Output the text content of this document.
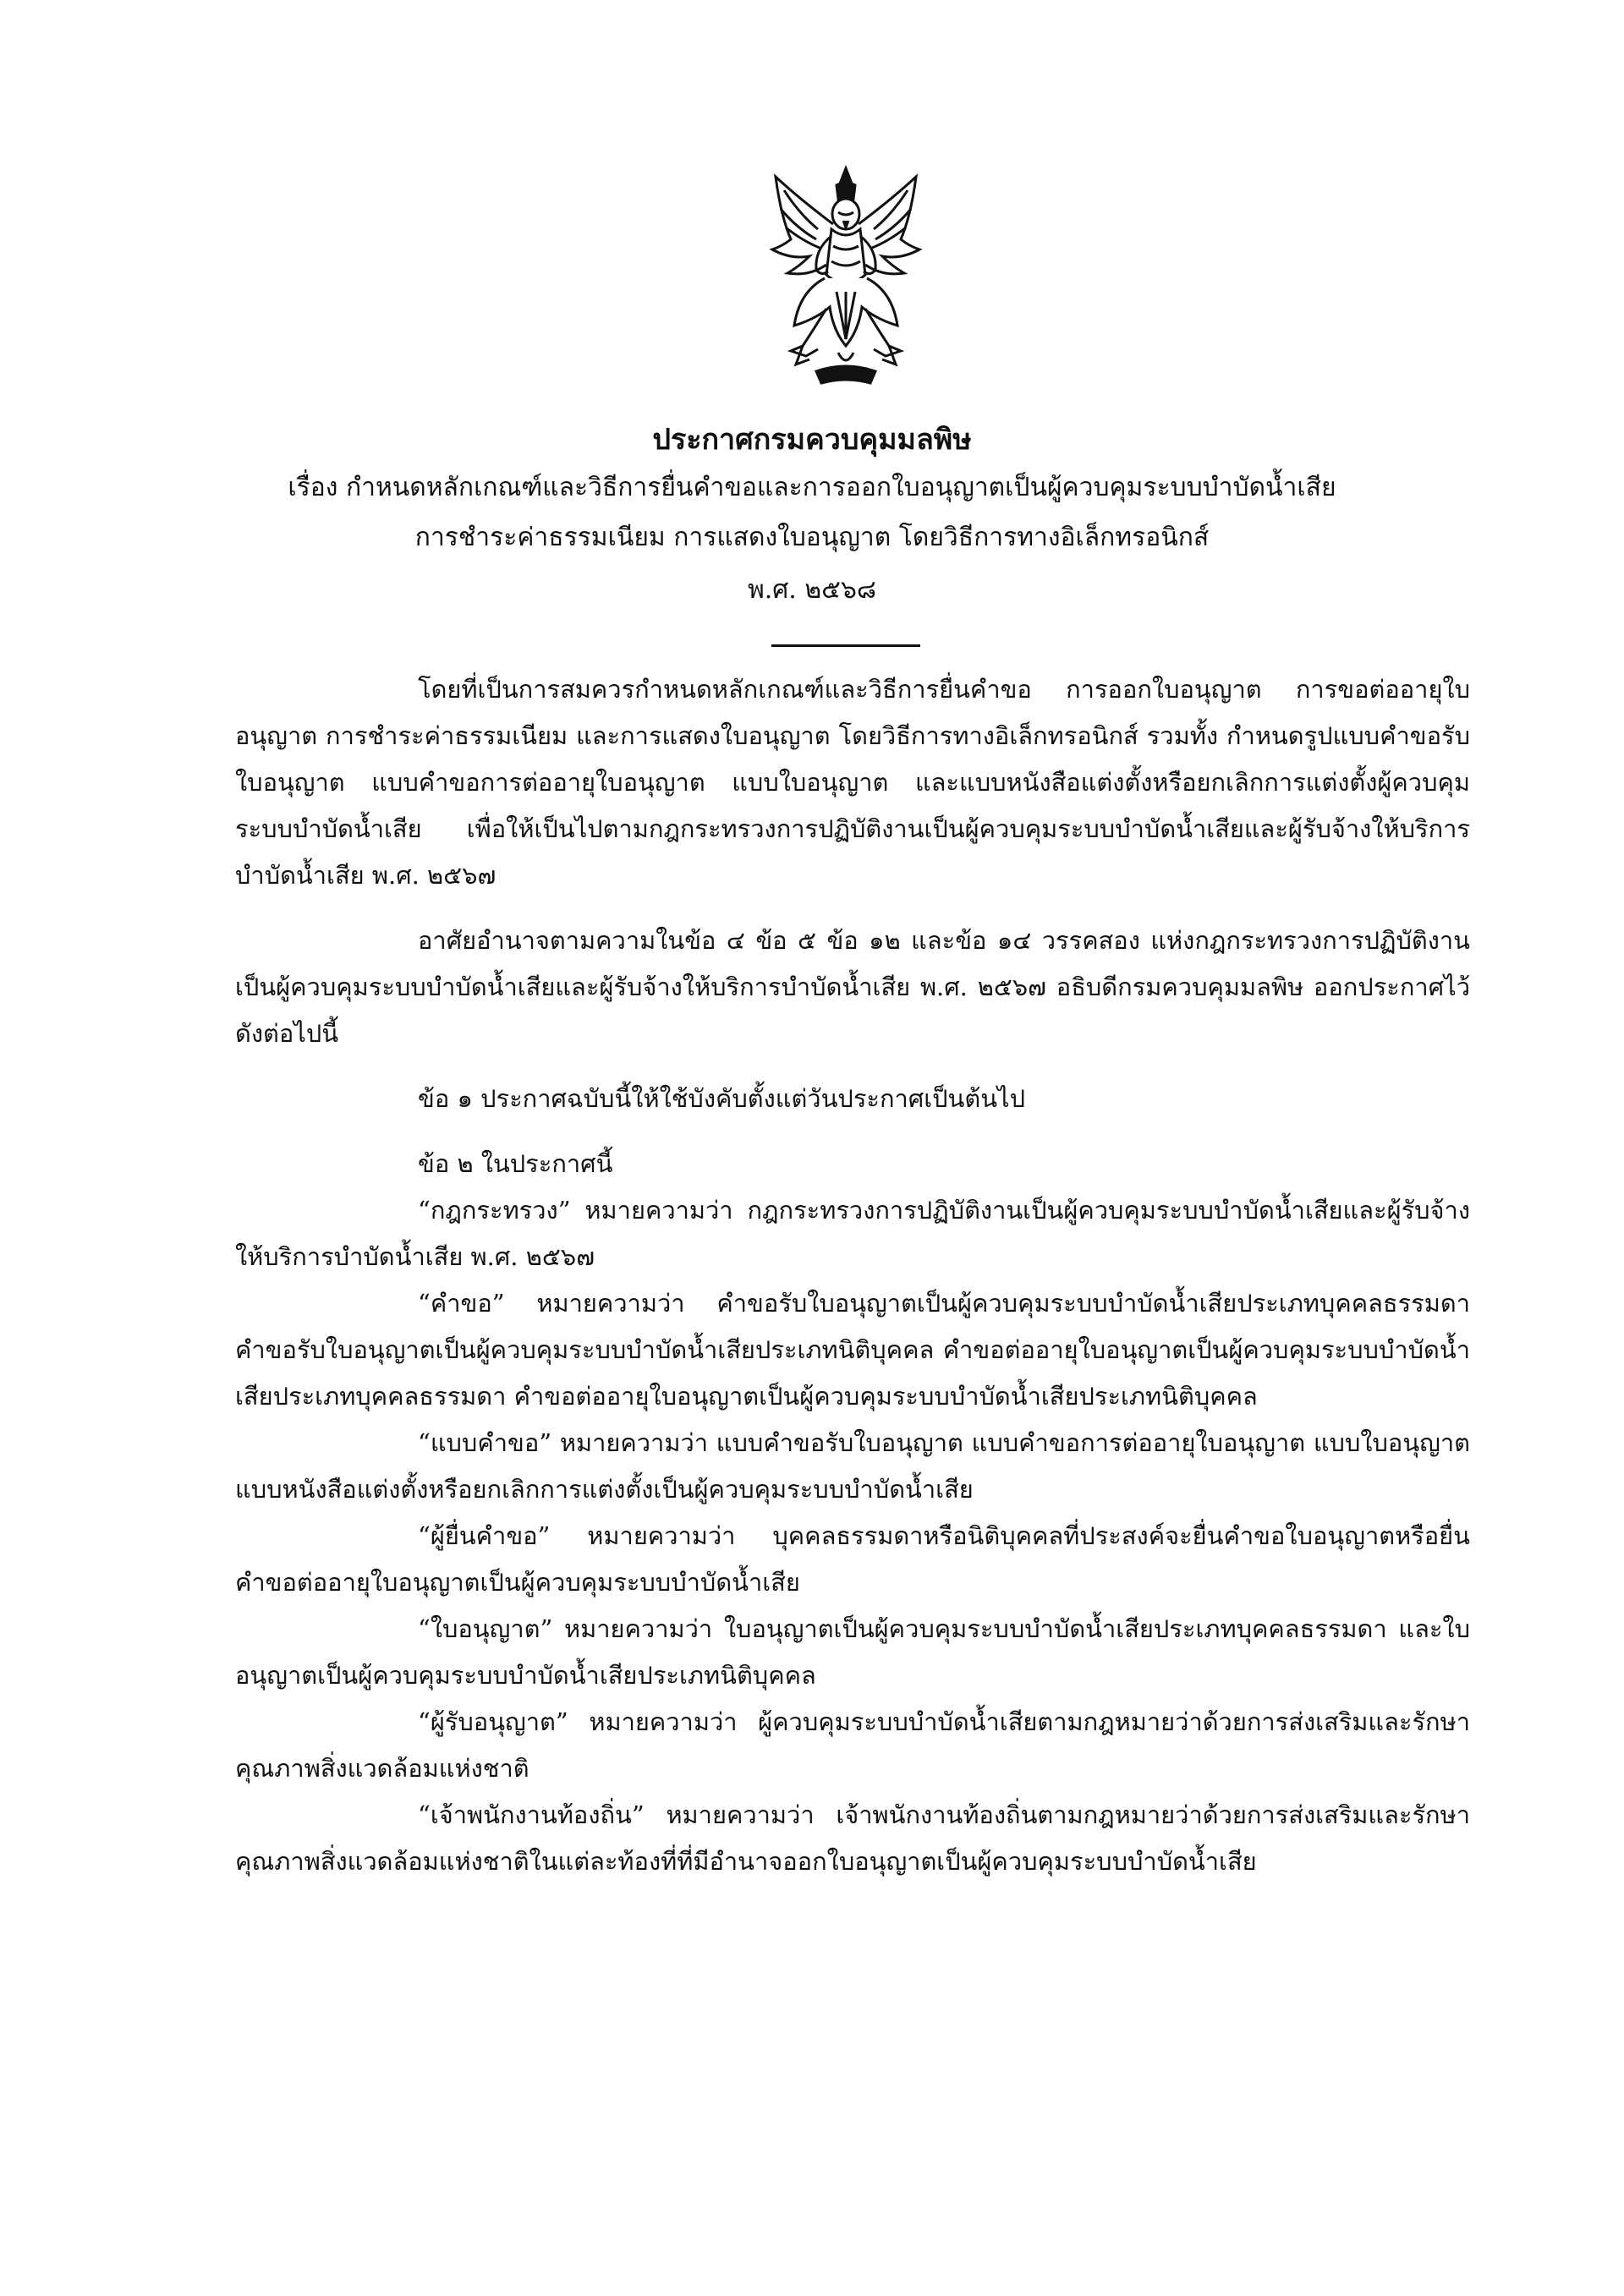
ประกาศกรมควบคุมมลพิษ
เรื่อง กำหนดหลักเกณฑ์และวิธีการยื่นคำขอและการออกใบอนุญาตเป็นผู้ควบคุมระบบบำบัดน้ำเสีย
การชำระค่าธรรมเนียม การแสดงใบอนุญาต โดยวิธีการทางอิเล็กทรอนิกส์
พ.ศ. ๒๕๖๘

โดยที่เป็นการสมควรกำหนดหลักเกณฑ์และวิธีการยื่นคำขอ การออกใบอนุญาต การขอต่ออายุใบอนุญาต การชำระค่าธรรมเนียม และการแสดงใบอนุญาต โดยวิธีการทางอิเล็กทรอนิกส์ รวมทั้ง กำหนดรูปแบบคำขอรับใบอนุญาต แบบคำขอการต่ออายุใบอนุญาต แบบใบอนุญาต และแบบหนังสือแต่งตั้งหรือยกเลิกการแต่งตั้งผู้ควบคุมระบบบำบัดน้ำเสีย เพื่อให้เป็นไปตามกฎกระทรวงการปฏิบัติงานเป็นผู้ควบคุมระบบบำบัดน้ำเสียและผู้รับจ้างให้บริการบำบัดน้ำเสีย พ.ศ. ๒๕๖๗

อาศัยอำนาจตามความในข้อ ๔ ข้อ ๕ ข้อ ๑๒ และข้อ ๑๔ วรรคสอง แห่งกฎกระทรวงการปฏิบัติงานเป็นผู้ควบคุมระบบบำบัดน้ำเสียและผู้รับจ้างให้บริการบำบัดน้ำเสีย พ.ศ. ๒๕๖๗ อธิบดีกรมควบคุมมลพิษ ออกประกาศไว้ ดังต่อไปนี้

ข้อ ๑ ประกาศฉบับนี้ให้ใช้บังคับตั้งแต่วันประกาศเป็นต้นไป

ข้อ ๒ ในประกาศนี้

“กฎกระทรวง” หมายความว่า กฎกระทรวงการปฏิบัติงานเป็นผู้ควบคุมระบบบำบัดน้ำเสียและผู้รับจ้างให้บริการบำบัดน้ำเสีย พ.ศ. ๒๕๖๗

“คำขอ” หมายความว่า คำขอรับใบอนุญาตเป็นผู้ควบคุมระบบบำบัดน้ำเสียประเภทบุคคลธรรมดา คำขอรับใบอนุญาตเป็นผู้ควบคุมระบบบำบัดน้ำเสียประเภทนิติบุคคล คำขอต่ออายุใบอนุญาตเป็นผู้ควบคุมระบบบำบัดน้ำเสียประเภทบุคคลธรรมดา คำขอต่ออายุใบอนุญาตเป็นผู้ควบคุมระบบบำบัดน้ำเสียประเภทนิติบุคคล

“แบบคำขอ” หมายความว่า แบบคำขอรับใบอนุญาต แบบคำขอการต่ออายุใบอนุญาต แบบใบอนุญาต แบบหนังสือแต่งตั้งหรือยกเลิกการแต่งตั้งเป็นผู้ควบคุมระบบบำบัดน้ำเสีย

“ผู้ยื่นคำขอ” หมายความว่า บุคคลธรรมดาหรือนิติบุคคลที่ประสงค์จะยื่นคำขอใบอนุญาตหรือยื่นคำขอต่ออายุใบอนุญาตเป็นผู้ควบคุมระบบบำบัดน้ำเสีย

“ใบอนุญาต” หมายความว่า ใบอนุญาตเป็นผู้ควบคุมระบบบำบัดน้ำเสียประเภทบุคคลธรรมดา และใบอนุญาตเป็นผู้ควบคุมระบบบำบัดน้ำเสียประเภทนิติบุคคล

“ผู้รับอนุญาต” หมายความว่า ผู้ควบคุมระบบบำบัดน้ำเสียตามกฎหมายว่าด้วยการส่งเสริมและรักษาคุณภาพสิ่งแวดล้อมแห่งชาติ

“เจ้าพนักงานท้องถิ่น” หมายความว่า เจ้าพนักงานท้องถิ่นตามกฎหมายว่าด้วยการส่งเสริมและรักษาคุณภาพสิ่งแวดล้อมแห่งชาติในแต่ละท้องที่ที่มีอำนาจออกใบอนุญาตเป็นผู้ควบคุมระบบบำบัดน้ำเสีย
